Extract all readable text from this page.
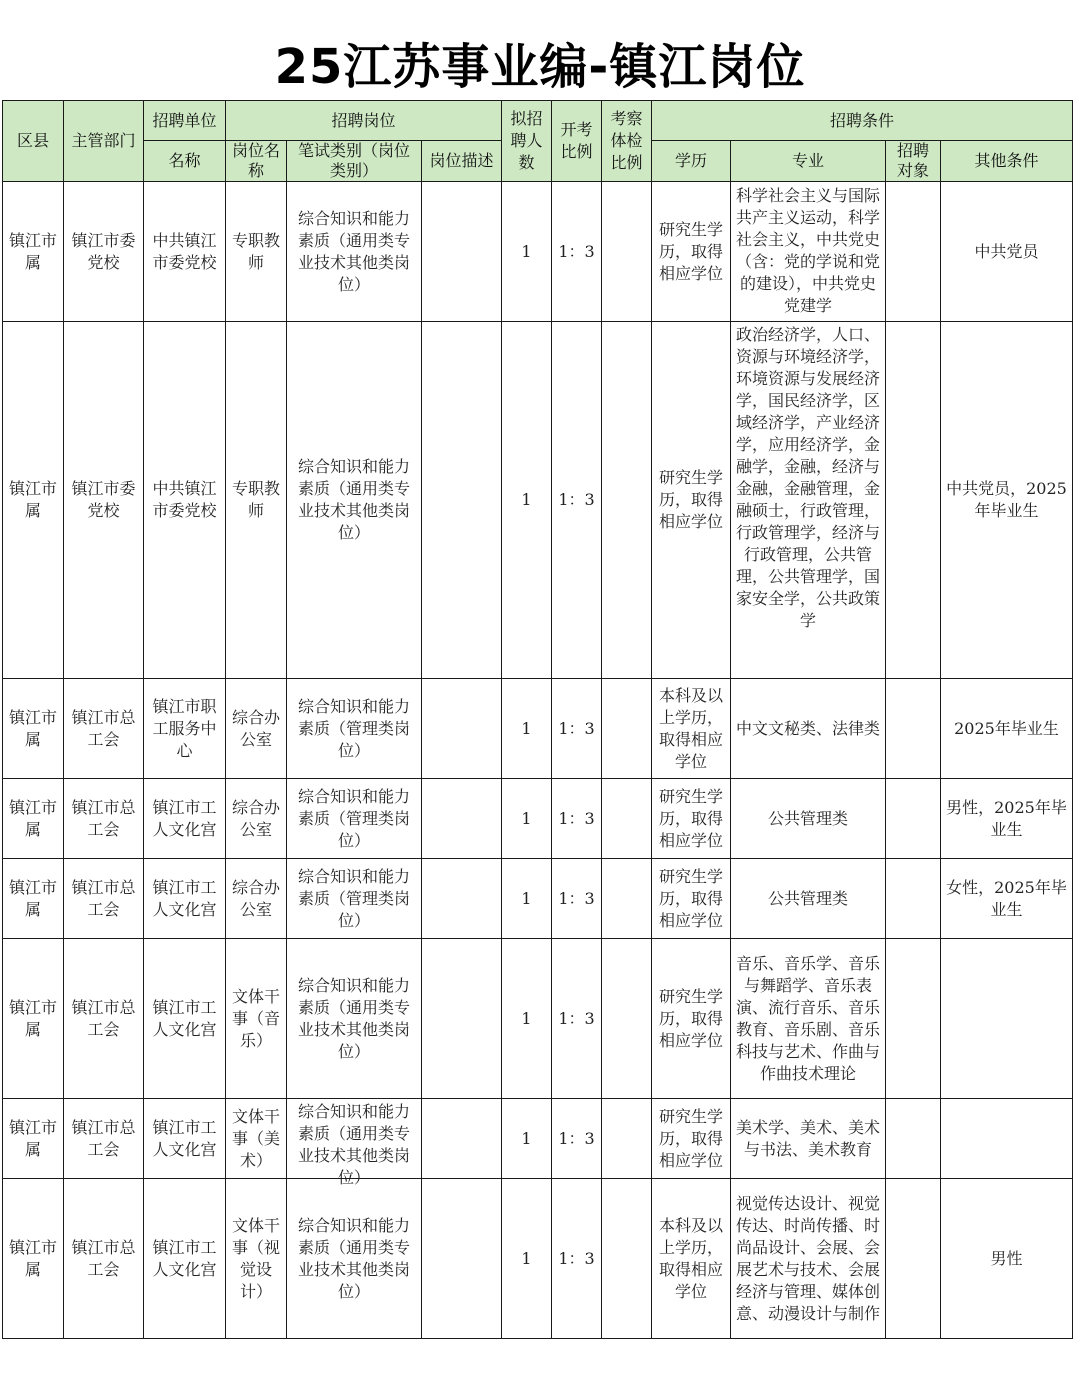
25江苏事业编-镇江岗位
区县	主管部门	招聘单位	招聘岗位			拟招聘人数	开考比例	考察体检比例	招聘条件			
		名称	岗位名称	笔试类别（岗位类别）	岗位描述				学历	专业	招聘对象	其他条件
镇江市属	镇江市委党校	中共镇江市委党校	专职教师	综合知识和能力素质（通用类专业技术其他类岗位）		1	1：3		研究生学历，取得相应学位	科学社会主义与国际共产主义运动，科学社会主义，中共党史（含：党的学说和党的建设），中共党史党建学		中共党员
镇江市属	镇江市委党校	中共镇江市委党校	专职教师	综合知识和能力素质（通用类专业技术其他类岗位）		1	1：3		研究生学历，取得相应学位	政治经济学，人口、资源与环境经济学，环境资源与发展经济学，国民经济学，区域经济学，产业经济学，应用经济学，金融学，金融，经济与金融，金融管理，金融硕士，行政管理，行政管理学，经济与行政管理，公共管理，公共管理学，国家安全学，公共政策学		中共党员，2025年毕业生
镇江市属	镇江市总工会	镇江市职工服务中心	综合办公室	综合知识和能力素质（管理类岗位）		1	1：3		本科及以上学历，取得相应学位	中文文秘类、法律类		2025年毕业生
镇江市属	镇江市总工会	镇江市工人文化宫	综合办公室	综合知识和能力素质（管理类岗位）		1	1：3		研究生学历，取得相应学位	公共管理类		男性，2025年毕业生
镇江市属	镇江市总工会	镇江市工人文化宫	综合办公室	综合知识和能力素质（管理类岗位）		1	1：3		研究生学历，取得相应学位	公共管理类		女性，2025年毕业生
镇江市属	镇江市总工会	镇江市工人文化宫	文体干事（音乐）	综合知识和能力素质（通用类专业技术其他类岗位）		1	1：3		研究生学历，取得相应学位	音乐、音乐学、音乐与舞蹈学、音乐表演、流行音乐、音乐教育、音乐剧、音乐科技与艺术、作曲与作曲技术理论		
镇江市属	镇江市总工会	镇江市工人文化宫	文体干事（美术）	综合知识和能力素质（通用类专业技术其他类岗位）		1	1：3		研究生学历，取得相应学位	美术学、美术、美术与书法、美术教育		
镇江市属	镇江市总工会	镇江市工人文化宫	文体干事（视觉设计）	综合知识和能力素质（通用类专业技术其他类岗位）		1	1：3		本科及以上学历，取得相应学位	视觉传达设计、视觉传达、时尚传播、时尚品设计、会展、会展艺术与技术、会展经济与管理、媒体创意、动漫设计与制作		男性
